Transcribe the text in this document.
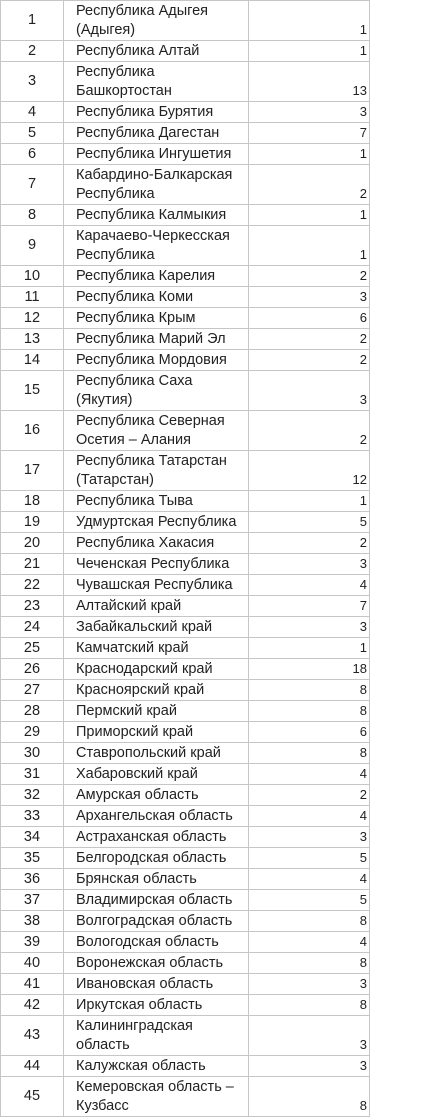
1	Республика Адыгея (Адыгея)	1
2	Республика Алтай	1
3	Республика Башкортостан	13
4	Республика Бурятия	3
5	Республика Дагестан	7
6	Республика Ингушетия	1
7	Кабардино-Балкарская Республика	2
8	Республика Калмыкия	1
9	Карачаево-Черкесская Республика	1
10	Республика Карелия	2
11	Республика Коми	3
12	Республика Крым	6
13	Республика Марий Эл	2
14	Республика Мордовия	2
15	Республика Саха (Якутия)	3
16	Республика Северная Осетия – Алания	2
17	Республика Татарстан (Татарстан)	12
18	Республика Тыва	1
19	Удмуртская Республика	5
20	Республика Хакасия	2
21	Чеченская Республика	3
22	Чувашская Республика	4
23	Алтайский край	7
24	Забайкальский край	3
25	Камчатский край	1
26	Краснодарский край	18
27	Красноярский край	8
28	Пермский край	8
29	Приморский край	6
30	Ставропольский край	8
31	Хабаровский край	4
32	Амурская область	2
33	Архангельская область	4
34	Астраханская область	3
35	Белгородская область	5
36	Брянская область	4
37	Владимирская область	5
38	Волгоградская область	8
39	Вологодская область	4
40	Воронежская область	8
41	Ивановская область	3
42	Иркутская область	8
43	Калининградская область	3
44	Калужская область	3
45	Кемеровская область – Кузбасс	8
